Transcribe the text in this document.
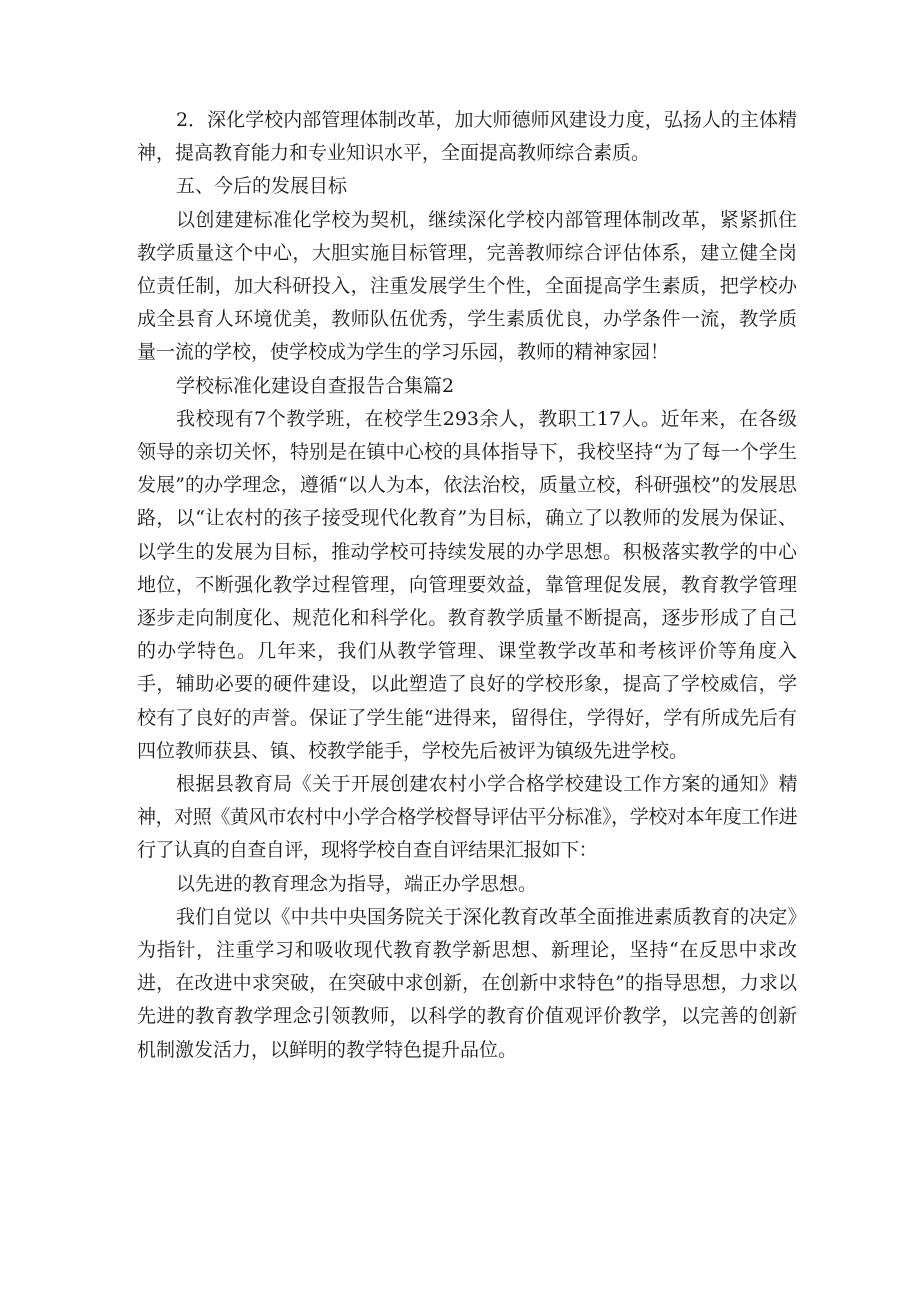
2．深化学校内部管理体制改革，加大师德师风建设力度，弘扬人的主体精神，提高教育能力和专业知识水平，全面提高教师综合素质。

五、今后的发展目标

以创建建标准化学校为契机，继续深化学校内部管理体制改革，紧紧抓住教学质量这个中心，大胆实施目标管理，完善教师综合评估体系，建立健全岗位责任制，加大科研投入，注重发展学生个性，全面提高学生素质，把学校办成全县育人环境优美，教师队伍优秀，学生素质优良，办学条件一流，教学质量一流的学校，使学校成为学生的学习乐园，教师的精神家园！

学校标准化建设自查报告合集篇2

我校现有7个教学班，在校学生293余人，教职工17人。近年来，在各级领导的亲切关怀，特别是在镇中心校的具体指导下，我校坚持“为了每一个学生发展”的办学理念，遵循“以人为本，依法治校，质量立校，科研强校”的发展思路，以“让农村的孩子接受现代化教育”为目标，确立了以教师的发展为保证、以学生的发展为目标，推动学校可持续发展的办学思想。积极落实教学的中心地位，不断强化教学过程管理，向管理要效益，靠管理促发展，教育教学管理逐步走向制度化、规范化和科学化。教育教学质量不断提高，逐步形成了自己的办学特色。几年来，我们从教学管理、课堂教学改革和考核评价等角度入手，辅助必要的硬件建设，以此塑造了良好的学校形象，提高了学校威信，学校有了良好的声誉。保证了学生能“进得来，留得住，学得好，学有所成先后有四位教师获县、镇、校教学能手，学校先后被评为镇级先进学校。

根据县教育局《关于开展创建农村小学合格学校建设工作方案的通知》精神，对照《黄风市农村中小学合格学校督导评估平分标准》，学校对本年度工作进行了认真的自查自评，现将学校自查自评结果汇报如下：

以先进的教育理念为指导，端正办学思想。

我们自觉以《中共中央国务院关于深化教育改革全面推进素质教育的决定》为指针，注重学习和吸收现代教育教学新思想、新理论，坚持“在反思中求改进，在改进中求突破，在突破中求创新，在创新中求特色”的指导思想，力求以先进的教育教学理念引领教师，以科学的教育价值观评价教学，以完善的创新机制激发活力，以鲜明的教学特色提升品位。
